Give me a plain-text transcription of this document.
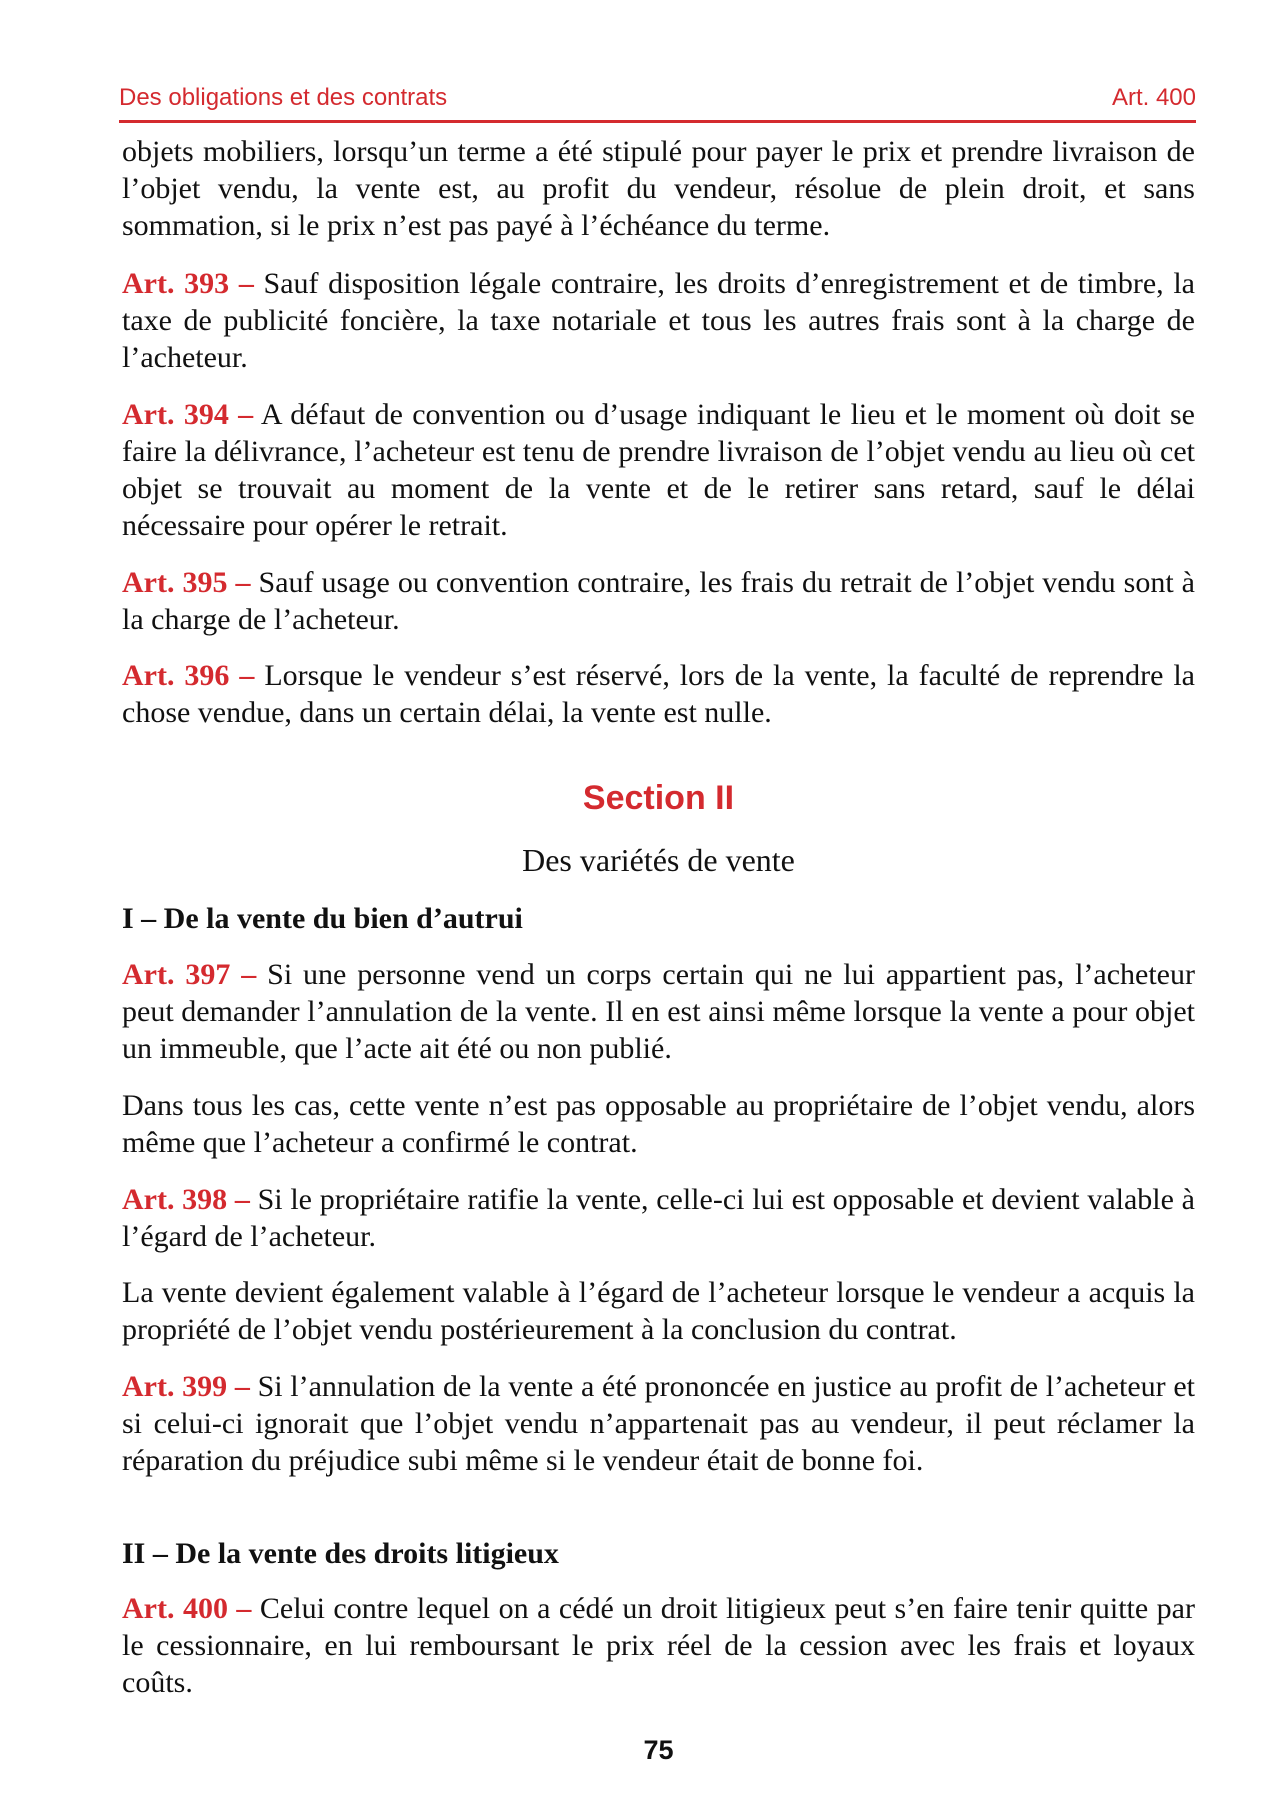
Des obligations et des contrats	Art. 400
objets mobiliers, lorsqu’un terme a été stipulé pour payer le prix et prendre livraison de l’objet vendu, la vente est, au profit du vendeur, résolue de plein droit, et sans sommation, si le prix n’est pas payé à l’échéance du terme.
Art. 393 – Sauf disposition légale contraire, les droits d’enregistrement et de timbre, la taxe de publicité foncière, la taxe notariale et tous les autres frais sont à la charge de l’acheteur.
Art. 394 – A défaut de convention ou d’usage indiquant le lieu et le moment où doit se faire la délivrance, l’acheteur est tenu de prendre livraison de l’objet vendu au lieu où cet objet se trouvait au moment de la vente et de le retirer sans retard, sauf le délai nécessaire pour opérer le retrait.
Art. 395 – Sauf usage ou convention contraire, les frais du retrait de l’objet vendu sont à la charge de l’acheteur.
Art. 396 – Lorsque le vendeur s’est réservé, lors de la vente, la faculté de reprendre la chose vendue, dans un certain délai, la vente est nulle.
Section II
Des variétés de vente
I – De la vente du bien d’autrui
Art. 397 – Si une personne vend un corps certain qui ne lui appartient pas, l’acheteur peut demander l’annulation de la vente. Il en est ainsi même lorsque la vente a pour objet un immeuble, que l’acte ait été ou non publié.
Dans tous les cas, cette vente n’est pas opposable au propriétaire de l’objet vendu, alors même que l’acheteur a confirmé le contrat.
Art. 398 – Si le propriétaire ratifie la vente, celle-ci lui est opposable et devient valable à l’égard de l’acheteur.
La vente devient également valable à l’égard de l’acheteur lorsque le vendeur a acquis la propriété de l’objet vendu postérieurement à la conclusion du contrat.
Art. 399 – Si l’annulation de la vente a été prononcée en justice au profit de l’acheteur et si celui-ci ignorait que l’objet vendu n’appartenait pas au vendeur, il peut réclamer la réparation du préjudice subi même si le vendeur était de bonne foi.
II – De la vente des droits litigieux
Art. 400 – Celui contre lequel on a cédé un droit litigieux peut s’en faire tenir quitte par le cessionnaire, en lui remboursant le prix réel de la cession avec les frais et loyaux coûts.
75
